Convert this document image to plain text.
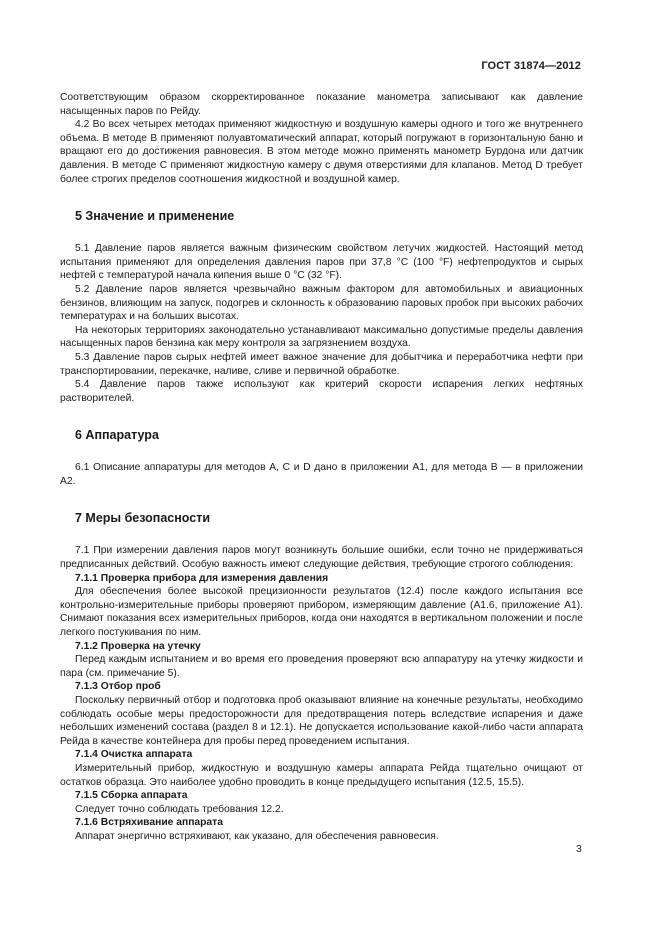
ГОСТ 31874—2012

Соответствующим образом скорректированное показание манометра записывают как давление насыщенных паров по Рейду.

4.2 Во всех четырех методах применяют жидкостную и воздушную камеры одного и того же внутреннего объема. В методе В применяют полуавтоматический аппарат, который погружают в горизонтальную баню и вращают его до достижения равновесия. В этом методе можно применять манометр Бурдона или датчик давления. В методе С применяют жидкостную камеру с двумя отверстиями для клапанов. Метод D требует более строгих пределов соотношения жидкостной и воздушной камер.

5 Значение и применение

5.1 Давление паров является важным физическим свойством летучих жидкостей. Настоящий метод испытания применяют для определения давления паров при 37,8 °С (100 °F) нефтепродуктов и сырых нефтей с температурой начала кипения выше 0 °С (32 °F).

5.2 Давление паров является чрезвычайно важным фактором для автомобильных и авиационных бензинов, влияющим на запуск, подогрев и склонность к образованию паровых пробок при высоких рабочих температурах и на больших высотах.

На некоторых территориях законодательно устанавливают максимально допустимые пределы давления насыщенных паров бензина как меру контроля за загрязнением воздуха.

5.3 Давление паров сырых нефтей имеет важное значение для добытчика и переработчика нефти при транспортировании, перекачке, наливе, сливе и первичной обработке.

5.4 Давление паров также используют как критерий скорости испарения легких нефтяных растворителей.

6 Аппаратура

6.1 Описание аппаратуры для методов А, С и D дано в приложении А1, для метода В — в приложении А2.

7 Меры безопасности

7.1 При измерении давления паров могут возникнуть большие ошибки, если точно не придерживаться предписанных действий. Особую важность имеют следующие действия, требующие строгого соблюдения:

7.1.1 Проверка прибора для измерения давления

Для обеспечения более высокой прецизионности результатов (12.4) после каждого испытания все контрольно-измерительные приборы проверяют прибором, измеряющим давление (А1.6, приложение А1). Снимают показания всех измерительных приборов, когда они находятся в вертикальном положении и после легкого постукивания по ним.

7.1.2 Проверка на утечку

Перед каждым испытанием и во время его проведения проверяют всю аппаратуру на утечку жидкости и пара (см. примечание 5).

7.1.3 Отбор проб

Поскольку первичный отбор и подготовка проб оказывают влияние на конечные результаты, необходимо соблюдать особые меры предосторожности для предотвращения потерь вследствие испарения и даже небольших изменений состава (раздел 8 и 12.1). Не допускается использование какой-либо части аппарата Рейда в качестве контейнера для пробы перед проведением испытания.

7.1.4 Очистка аппарата

Измерительный прибор, жидкостную и воздушную камеры аппарата Рейда тщательно очищают от остатков образца. Это наиболее удобно проводить в конце предыдущего испытания (12.5, 15.5).

7.1.5 Сборка аппарата

Следует точно соблюдать требования 12.2.

7.1.6 Встряхивание аппарата

Аппарат энергично встряхивают, как указано, для обеспечения равновесия.

3
